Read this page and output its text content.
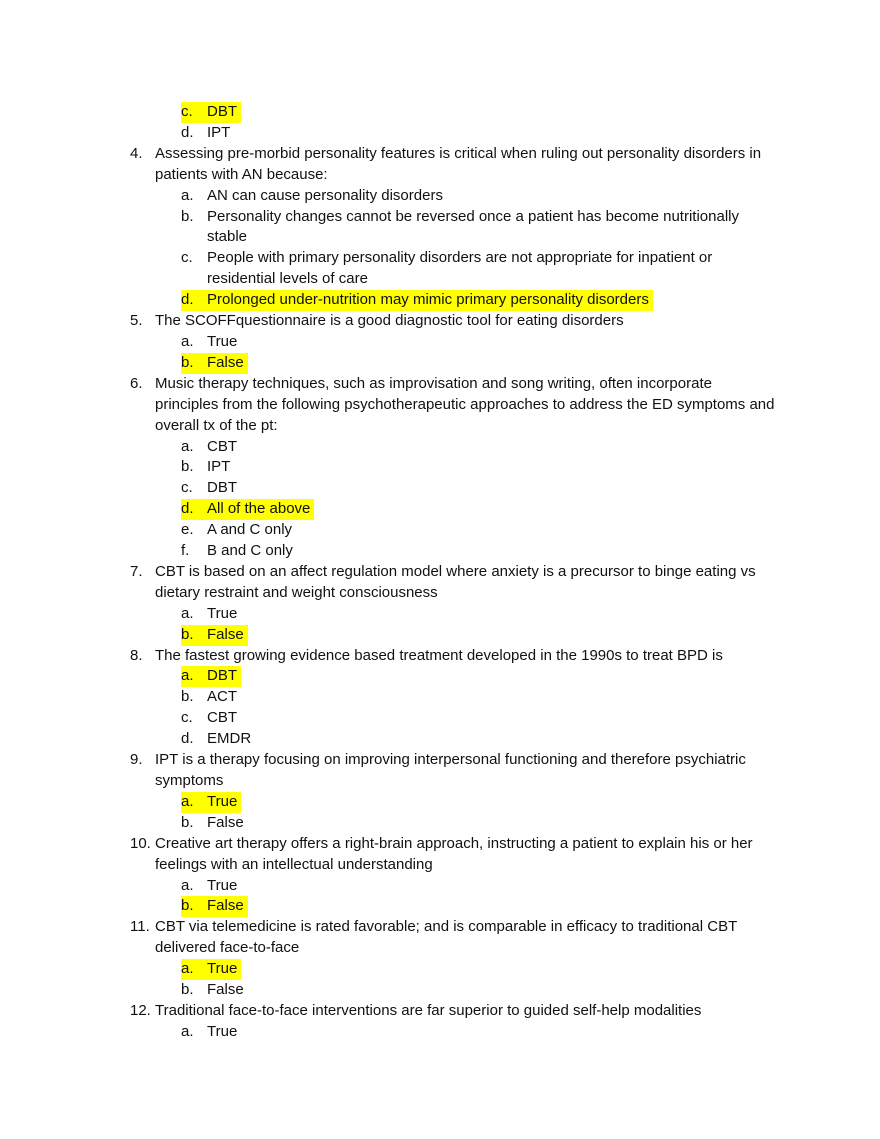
c. DBT
d. IPT
4. Assessing pre-morbid personality features is critical when ruling out personality disorders in patients with AN because:
a. AN can cause personality disorders
b. Personality changes cannot be reversed once a patient has become nutritionally stable
c. People with primary personality disorders are not appropriate for inpatient or residential levels of care
d. Prolonged under-nutrition may mimic primary personality disorders
5. The SCOFFquestionnaire is a good diagnostic tool for eating disorders
a. True
b. False
6. Music therapy techniques, such as improvisation and song writing, often incorporate principles from the following psychotherapeutic approaches to address the ED symptoms and overall tx of the pt:
a. CBT
b. IPT
c. DBT
d. All of the above
e. A and C only
f.	B and C only
7. CBT is based on an affect regulation model where anxiety is a precursor to binge eating vs dietary restraint and weight consciousness
a. True
b. False
8. The fastest growing evidence based treatment developed in the 1990s to treat BPD is
a. DBT
b. ACT
c. CBT
d. EMDR
9. IPT is a therapy focusing on improving interpersonal functioning and therefore psychiatric symptoms
a. True
b. False
10. Creative art therapy offers a right-brain approach, instructing a patient to explain his or her feelings with an intellectual understanding
a. True
b. False
11. CBT via telemedicine is rated favorable; and is comparable in efficacy to traditional CBT delivered face-to-face
a. True
b. False
12. Traditional face-to-face interventions are far superior to guided self-help modalities
a. True
